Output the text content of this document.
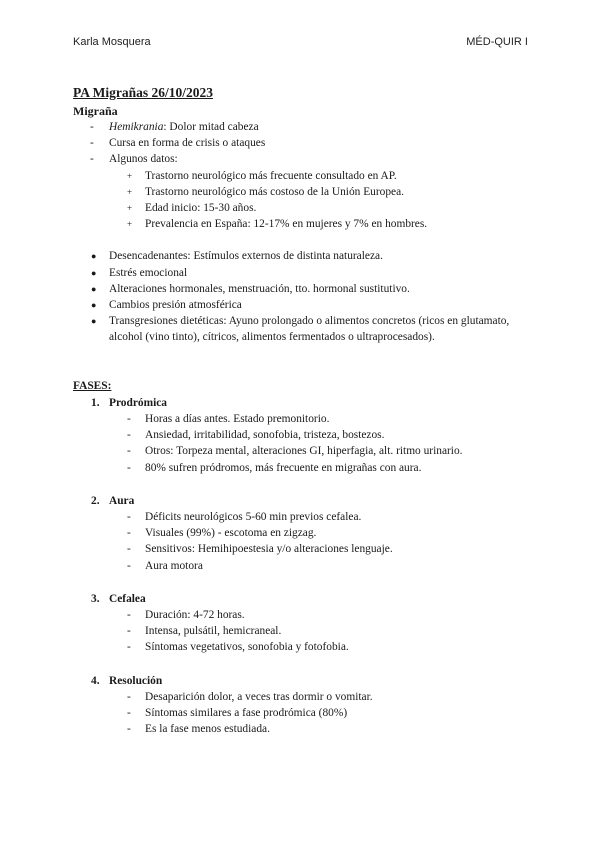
Karla Mosquera	MÉD-QUIR I
PA Migrañas 26/10/2023
Migraña
-	Hemikrania: Dolor mitad cabeza
-	Cursa en forma de crisis o ataques
-	Algunos datos:
+	Trastorno neurológico más frecuente consultado en AP.
+	Trastorno neurológico más costoso de la Unión Europea.
+	Edad inicio: 15-30 años.
+	Prevalencia en España: 12-17% en mujeres y 7% en hombres.
●	Desencadenantes: Estímulos externos de distinta naturaleza.
●	Estrés emocional
●	Alteraciones hormonales, menstruación, tto. hormonal sustitutivo.
●	Cambios presión atmosférica
●	Transgresiones dietéticas: Ayuno prolongado o alimentos concretos (ricos en glutamato, alcohol (vino tinto), cítricos, alimentos fermentados o ultraprocesados).
FASES:
1. Prodrómica
-	Horas a días antes. Estado premonitorio.
-	Ansiedad, irritabilidad, sonofobia, tristeza, bostezos.
-	Otros: Torpeza mental, alteraciones GI, hiperfagia, alt. ritmo urinario.
-	80% sufren pródromos, más frecuente en migrañas con aura.
2. Aura
-	Déficits neurológicos 5-60 min previos cefalea.
-	Visuales (99%) - escotoma en zigzag.
-	Sensitivos: Hemihipoestesia y/o alteraciones lenguaje.
-	Aura motora
3. Cefalea
-	Duración: 4-72 horas.
-	Intensa, pulsátil, hemicraneal.
-	Síntomas vegetativos, sonofobia y fotofobia.
4. Resolución
-	Desaparición dolor, a veces tras dormir o vomitar.
-	Síntomas similares a fase prodrómica (80%)
-	Es la fase menos estudiada.
